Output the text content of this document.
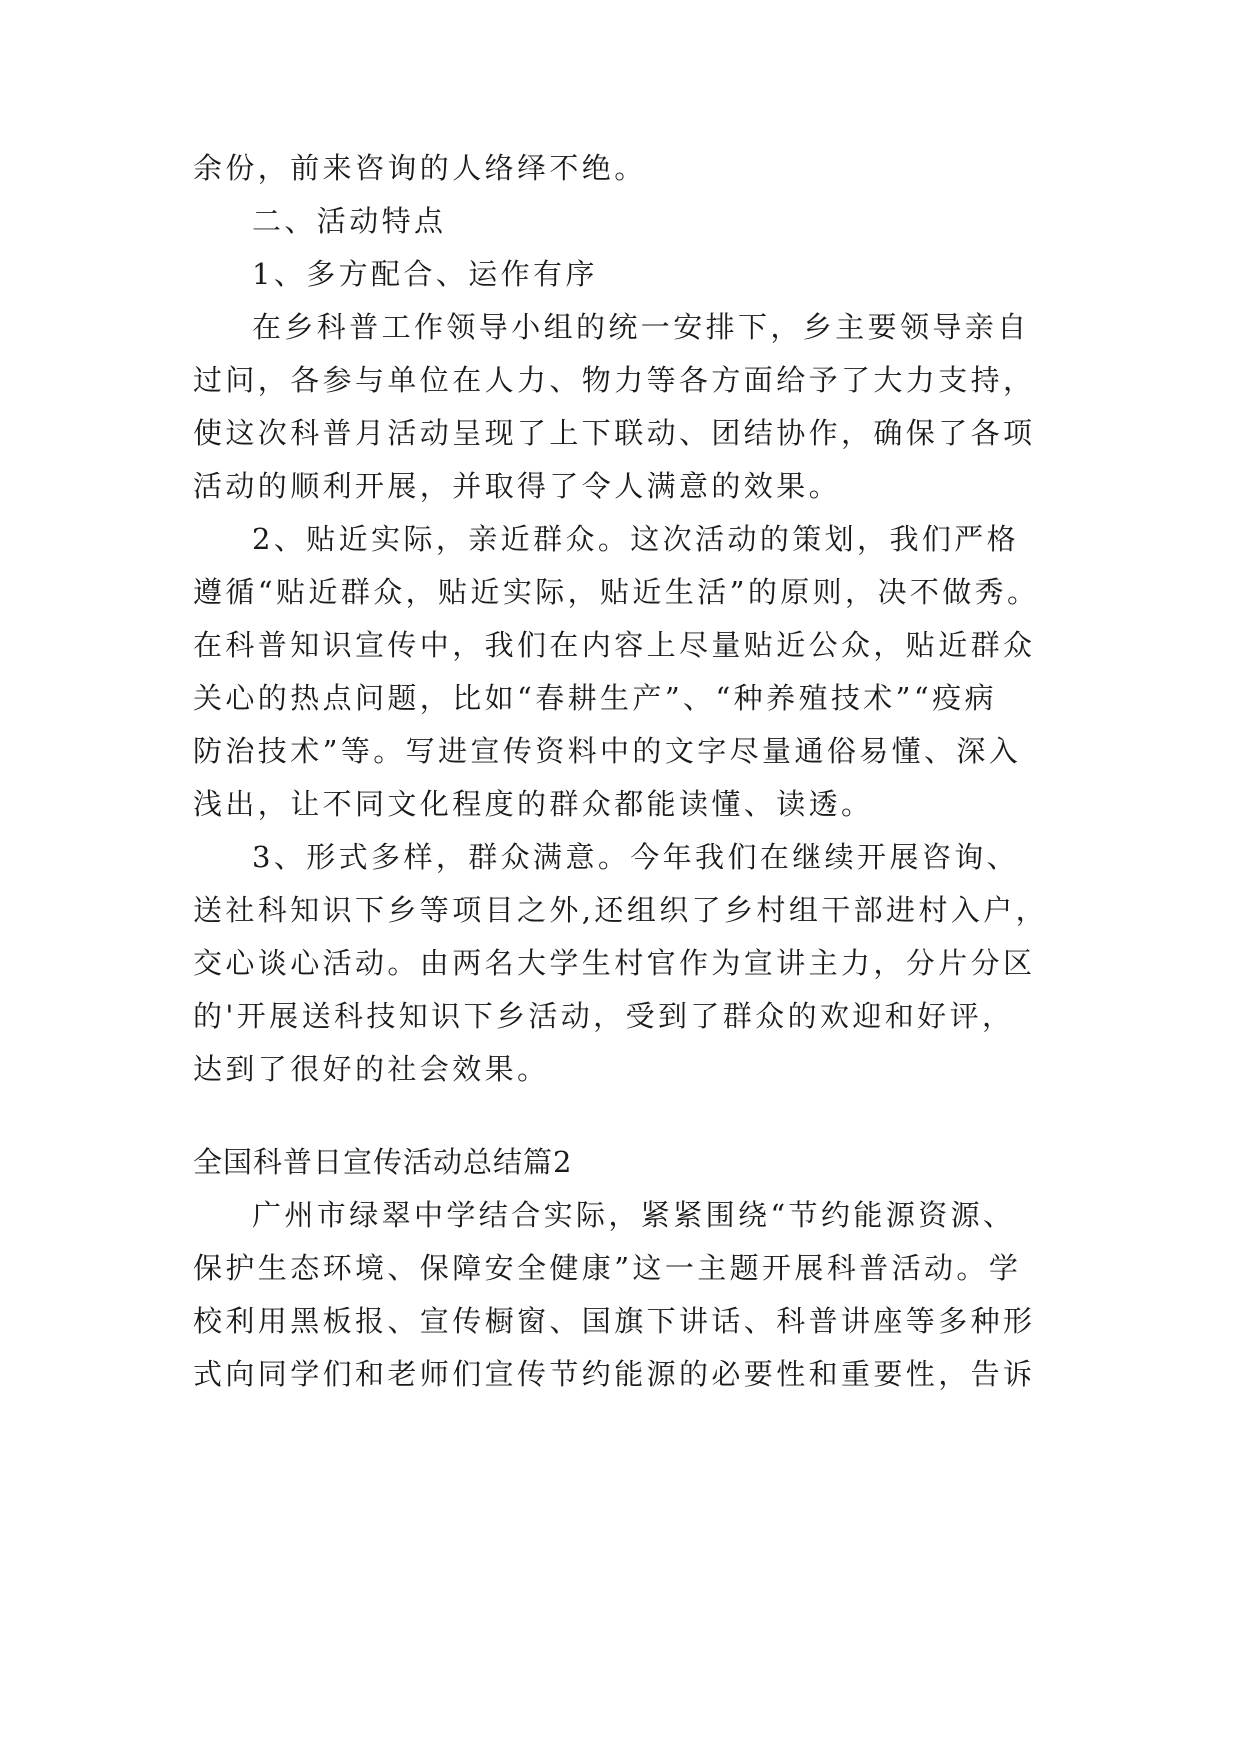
余份，前来咨询的人络绎不绝。
二、活动特点
1、多方配合、运作有序
在乡科普工作领导小组的统一安排下，乡主要领导亲自
过问，各参与单位在人力、物力等各方面给予了大力支持，
使这次科普月活动呈现了上下联动、团结协作，确保了各项
活动的顺利开展，并取得了令人满意的效果。
2、贴近实际，亲近群众。这次活动的策划，我们严格
遵循“贴近群众，贴近实际，贴近生活”的原则，决不做秀。
在科普知识宣传中，我们在内容上尽量贴近公众，贴近群众
关心的热点问题，比如“春耕生产”、“种养殖技术”“疫病
防治技术”等。写进宣传资料中的文字尽量通俗易懂、深入
浅出，让不同文化程度的群众都能读懂、读透。
3、形式多样，群众满意。今年我们在继续开展咨询、
送社科知识下乡等项目之外,还组织了乡村组干部进村入户，
交心谈心活动。由两名大学生村官作为宣讲主力，分片分区
的'开展送科技知识下乡活动，受到了群众的欢迎和好评，
达到了很好的社会效果。
全国科普日宣传活动总结篇2
广州市绿翠中学结合实际，紧紧围绕“节约能源资源、
保护生态环境、保障安全健康”这一主题开展科普活动。学
校利用黑板报、宣传橱窗、国旗下讲话、科普讲座等多种形
式向同学们和老师们宣传节约能源的必要性和重要性，告诉
